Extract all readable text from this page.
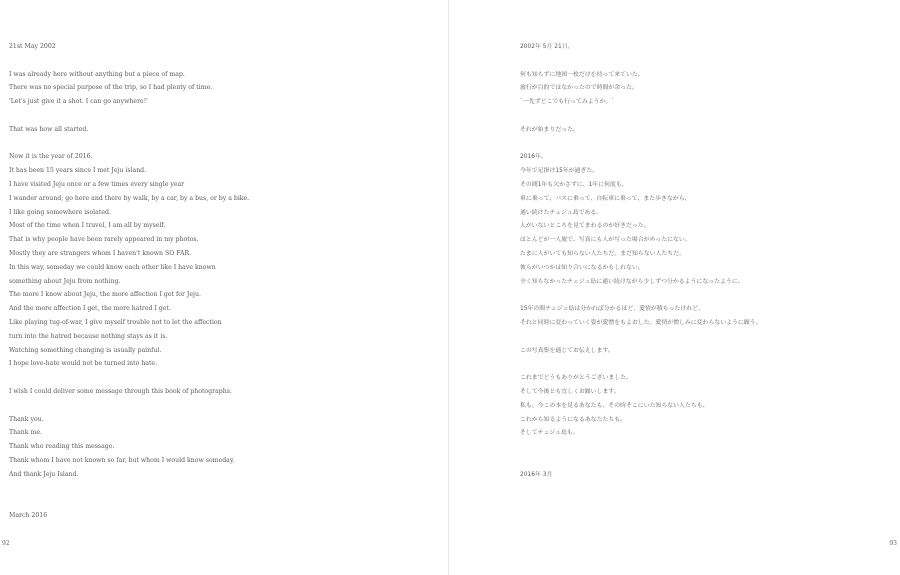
21st May 2002
I was already here without anything but a piece of map.
There was no special purpose of the trip, so I had plenty of time.
'Let's just give it a shot. I can go anywhere!'
That was how all started.
Now it is the year of 2016.
It has been 15 years since I met Jeju island.
I have visited Jeju once or a few times every single year
I wander around; go here and there by walk, by a car, by a bus, or by a bike.
I like going somewhere isolated.
Most of the time when I travel, I am all by myself.
That is why people have been rarely appeared in my photos.
Mostly they are strangers whom I haven't known SO FAR.
In this way, someday we could know each other like I have known
something about Jeju from nothing.
The more I know about Jeju, the more affection I get for Jeju.
And the more affection I get, the more hatred I get.
Like playing tug-of-war, I give myself trouble not to let the affection
turn into the hatred because nothing stays as it is.
Watching something changing is usually painful.
I hope love-hate would not be turned into hate.
I wish I could deliver some message through this book of photographs.
Thank you.
Thank me.
Thank who reading this message.
Thank whom I have not known so far, but whom I would know someday.
And thank Jeju Island.
March 2016
92
2002年 5月 21日。
何も知らずに地図一枚だけを持って来ていた。
旅行が目的ではなかったので時間が余った。
`一先ずどこでも行ってみようか。`
それが始まりだった。
2016年。
今年で足掛け15年が過ぎた。
その間1年も欠かさずに、1年に何度も、
車に乗って、バスに乗って、自転車に乗って、また歩きながら、
通い続けたチェジュ島である。
人がいないところを見てまわるのが好きだった。
ほとんどが一人旅で、写真にも人が写った場合がめったにない。
たまに人がいても知らない人たちだ。まだ知らない人たちだ。
彼らがいつかは知り合いになるかもしれない。
全く知らなかったチェジュ島に通い続けながら少しずつ分かるようになったように。
15年の間チェジュ島は分かれば分かるほど、愛情が積もったけれど、
それと同時に変わっていく姿が愛憎をもよおした。愛情が憎しみに変わらないように願う。
この写真集を通じてお伝えします。
これまでどうもありがとうございました。
そして今後とも宜しくお願いします。
私も、今この本を見るあなたも、その時そこにいた知らない人たちも、
これから知るようになるあなたたちも。
そしてチェジュ島も。
2016年 3月
93
